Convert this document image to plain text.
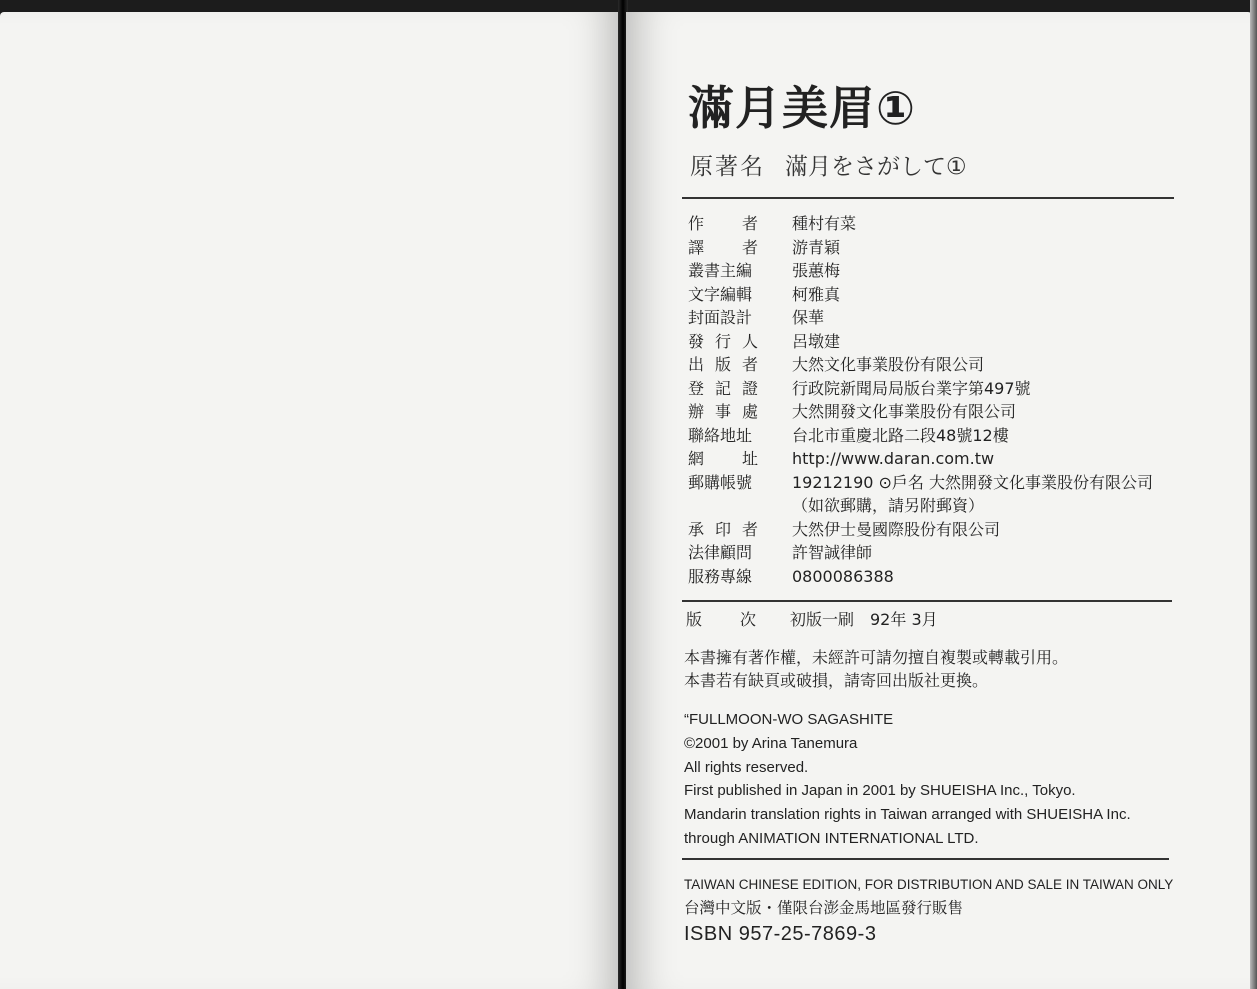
滿月美眉①
原著名 滿月をさがして①
作　　者 種村有菜
譯　　者 游青穎
叢書主編	張蕙梅
文字編輯	柯雅真
封面設計	保華
發 行 人 呂墩建
出 版 者 大然文化事業股份有限公司
登 記 證 行政院新聞局局版台業字第497號
辦 事 處 大然開發文化事業股份有限公司
聯絡地址	台北市重慶北路二段48號12樓
網　　址 http://www.daran.com.tw
郵購帳號	19212190 ⊙戶名 大然開發文化事業股份有限公司
（如欲郵購，請另附郵資）
承 印 者 大然伊士曼國際股份有限公司
法律顧問	許智誠律師
服務專線	0800086388
版　　次 初版一刷　92年 3月
本書擁有著作權，未經許可請勿擅自複製或轉載引用。
本書若有缺頁或破損，請寄回出版社更換。
“FULLMOON-WO SAGASHITE
©2001 by Arina Tanemura
All rights reserved.
First published in Japan in 2001 by SHUEISHA Inc., Tokyo.
Mandarin translation rights in Taiwan arranged with SHUEISHA Inc.
through ANIMATION INTERNATIONAL LTD.
TAIWAN CHINESE EDITION, FOR DISTRIBUTION AND SALE IN TAIWAN ONLY
台灣中文版・僅限台澎金馬地區發行販售
ISBN 957-25-7869-3
